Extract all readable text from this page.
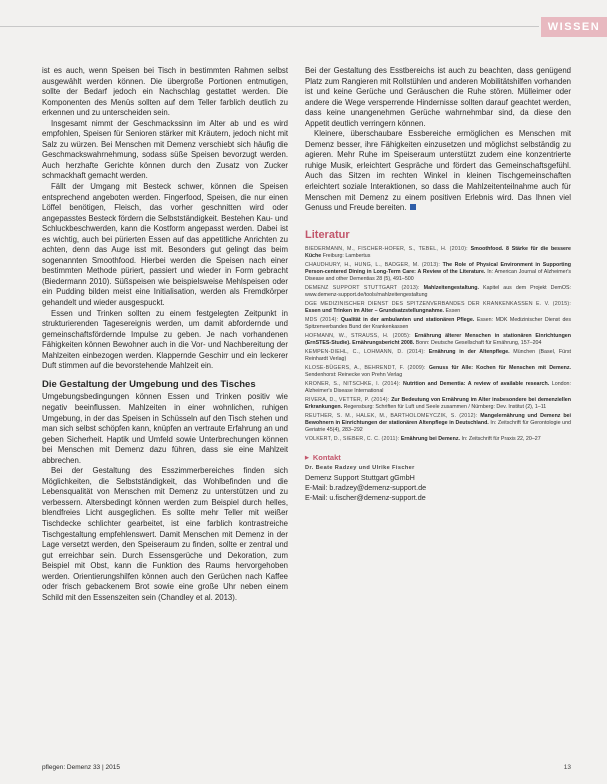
WISSEN

ist es auch, wenn Speisen bei Tisch in bestimmten Rahmen selbst ausgewählt werden können. Die übergroße Portionen entmutigen, sollte der Bedarf jedoch ein Nachschlag gestattet werden. Die Komponenten des Menüs sollten auf dem Teller farblich deutlich zu erkennen und zu unterscheiden sein.

Insgesamt nimmt der Geschmackssinn im Alter ab und es wird empfohlen, Speisen für Senioren stärker mit Kräutern, jedoch nicht mit Salz zu würzen. Bei Menschen mit Demenz verschiebt sich häufig die Geschmackswahrnehmung, sodass süße Speisen bevorzugt werden. Auch herzhafte Gerichte können durch den Zusatz von Zucker schmackhaft gemacht werden.

Fällt der Umgang mit Besteck schwer, können die Speisen entsprechend angeboten werden. Fingerfood, Speisen, die nur einen Löffel benötigen, Fleisch, das vorher geschnitten wird oder angepasstes Besteck fördern die Selbstständigkeit. Bestehen Kau- und Schluckbeschwerden, kann die Kostform angepasst werden. Dabei ist es wichtig, auch bei pürierten Essen auf das appetitliche Anrichten zu achten, denn das Auge isst mit. Besonders gut gelingt das beim sogenannten Smoothfood. Hierbei werden die Speisen nach einer bestimmten Methode püriert, passiert und wieder in Form gebracht (Biedermann 2010). Süßspeisen wie beispielsweise Mehlspeisen oder ein Pudding bilden meist eine Initialisation, werden als Fremdkörper gehandelt und wieder ausgespuckt.

Essen und Trinken sollten zu einem festgelegten Zeitpunkt in strukturierenden Tagesereignis werden, um damit abfordernde und gemeinschaftsfördernde Impulse zu geben. Je nach vorhandenen Fähigkeiten können Bewohner auch in die Vor- und Nachbereitung der Mahlzeiten einbezogen werden. Klappernde Geschirr und ein leckerer Duft stimmen auf die bevorstehende Mahlzeit ein.

Die Gestaltung der Umgebung und des Tisches

Umgebungsbedingungen können Essen und Trinken positiv wie negativ beeinflussen. Mahlzeiten in einer wohnlichen, ruhigen Umgebung, in der das Speisen in Schüsseln auf den Tisch stehen und man sich selbst schöpfen kann, knüpfen an vertraute Erfahrung an und geben Sicherheit. Haptik und Umfeld sowie Unterbrechungen können bei Menschen mit Demenz dazu führen, dass sie eine Mahlzeit abbrechen.

Bei der Gestaltung des Esszimmerbereiches finden sich Möglichkeiten, die Selbstständigkeit, das Wohlbefinden und die Lebensqualität von Menschen mit Demenz zu unterstützen und zu verbessern. Altersbedingt können werden zum Beispiel durch helles, blendfreies Licht ausgeglichen. Es sollte mehr Teller mit weißer Tischdecke schlichter gearbeitet, ist eine farblich kontrastreiche Tischgestaltung empfehlenswert. Damit Menschen mit Demenz in der Lage versetzt werden, den Speiseraum zu finden, sollte er zentral und gut erreichbar sein. Durch Essensgerüche und Dekoration, zum Beispiel mit Obst, kann die Funktion des Raums hervorgehoben werden. Orientierungshilfen können auch den Gerüchen nach Kaffee oder frisch gebackenem Brot sowie eine große Uhr neben einem Schild mit den Essenszeiten sein (Chandley et al. 2013).

Bei der Gestaltung des Esstbereichs ist auch zu beachten, dass genügend Platz zum Rangieren mit Rollstühlen und anderen Mobilitätshilfen vorhanden ist und keine Gerüche und Geräuschen die Ruhe stören. Mülleimer oder andere die Wege versperrende Hindernisse sollten darauf geachtet werden, dass keine unangenehmen Gerüche wahrnehmbar sind, da diese den Appetit deutlich verringern können.

Kleinere, überschaubare Essbereiche ermöglichen es Menschen mit Demenz besser, ihre Fähigkeiten einzusetzen und möglichst selbständig zu agieren. Mehr Ruhe im Speiseraum unterstützt zudem eine konzentrierte ruhige Musik, erleichtert Gespräche und fördert das Gemeinschaftsgefühl. Auch das Sitzen im rechten Winkel in kleinen Tischgemeinschaften erleichtert soziale Interaktionen, so dass die Mahlzeitenteilnahme auch für Menschen mit Demenz zu einem positiven Erlebnis wird. Das Ihnen viel Genuss und Freude bereiten.

Literatur
BIEDERMANN, M., FISCHER-HOFER, S., TEBEL, H. (2010): Smoothfood. 8 Stärke für die bessere Küche Freiburg: Lambertus
CHAUDHURY, H., HUNG, L., BADGER, M. (2013): The Role of Physical Environment in Supporting Person-centered Dining in Long-Term Care: A Review of the Literature. In: American Journal of Alzheimer's Disease and other Dementias 28 (5), 491–500
DEMENZ SUPPORT STUTTGART (2013): Mahlzeitengestaltung. Kapitel aus dem Projekt DemOS: www.demenz-support.de/tools/mahlzeitengestaltung
DGE MEDIZINISCHER DIENST DES SPITZENVERBANDES DER KRANKENKASSEN E. V. (2015): Essen und Trinken im Alter – Grundsatzstellungnahme. Essen
MDS (2014): Qualität in der ambulanten und stationären Pflege. Essen: MDK Medizinischer Dienst des Spitzenverbandes Bund der Krankenkassen
HOFMANN, W., STRAUSS, H. (2005): Ernährung älterer Menschen in stationären Einrichtungen (ErnSTES-Studie). Ernährungsbericht 2008. Bonn: Deutsche Gesellschaft für Ernährung, 157–204
KEMPEN-DIEHL, C., LOHMANN, D. (2014): Ernährung in der Altenpflege. München (Basel, Fürst Reinhardt Verlag)
KLOSE-BÜGERS, A., BEHRENDT, F. (2009): Genuss für Alle: Kochen für Menschen mit Demenz. Sendenhorst: Reinecke von Prehn Verlag
KRONER, S., NITSCHKE, I. (2014): Nutrition and Dementia: A review of available research. London: Alzheimer's Disease International
RIVERA, D., VETTER, P. (2014): Zur Bedeutung von Ernährung im Alter insbesondere bei demenziellen Erkrankungen. Regensburg: Schriften für Luft und Seele zusammen / Nürnberg: Dev. Institut (2), 1–11
REUTHER, S. M., HALEK, M., BARTHOLOMEYCZIK, S. (2012): Mangelernährung und Demenz bei Bewohnern in Einrichtungen der stationären Altenpflege in Deutschland. In: Zeitschrift für Gerontologie und Geriatrie 45(4), 283–292
VOLKERT, D., SIEBER, C. C. (2011): Ernährung bei Demenz. In: Zeitschrift für Praxis 22, 20–27
▶ Kontakt
Dr. Beate Radzey und Ulrike Fischer
Demenz Support Stuttgart gGmbH
E-Mail: b.radzey@demenz-support.de
E-Mail: u.fischer@demenz-support.de
pflegen: Demenz 33 | 2015	13
